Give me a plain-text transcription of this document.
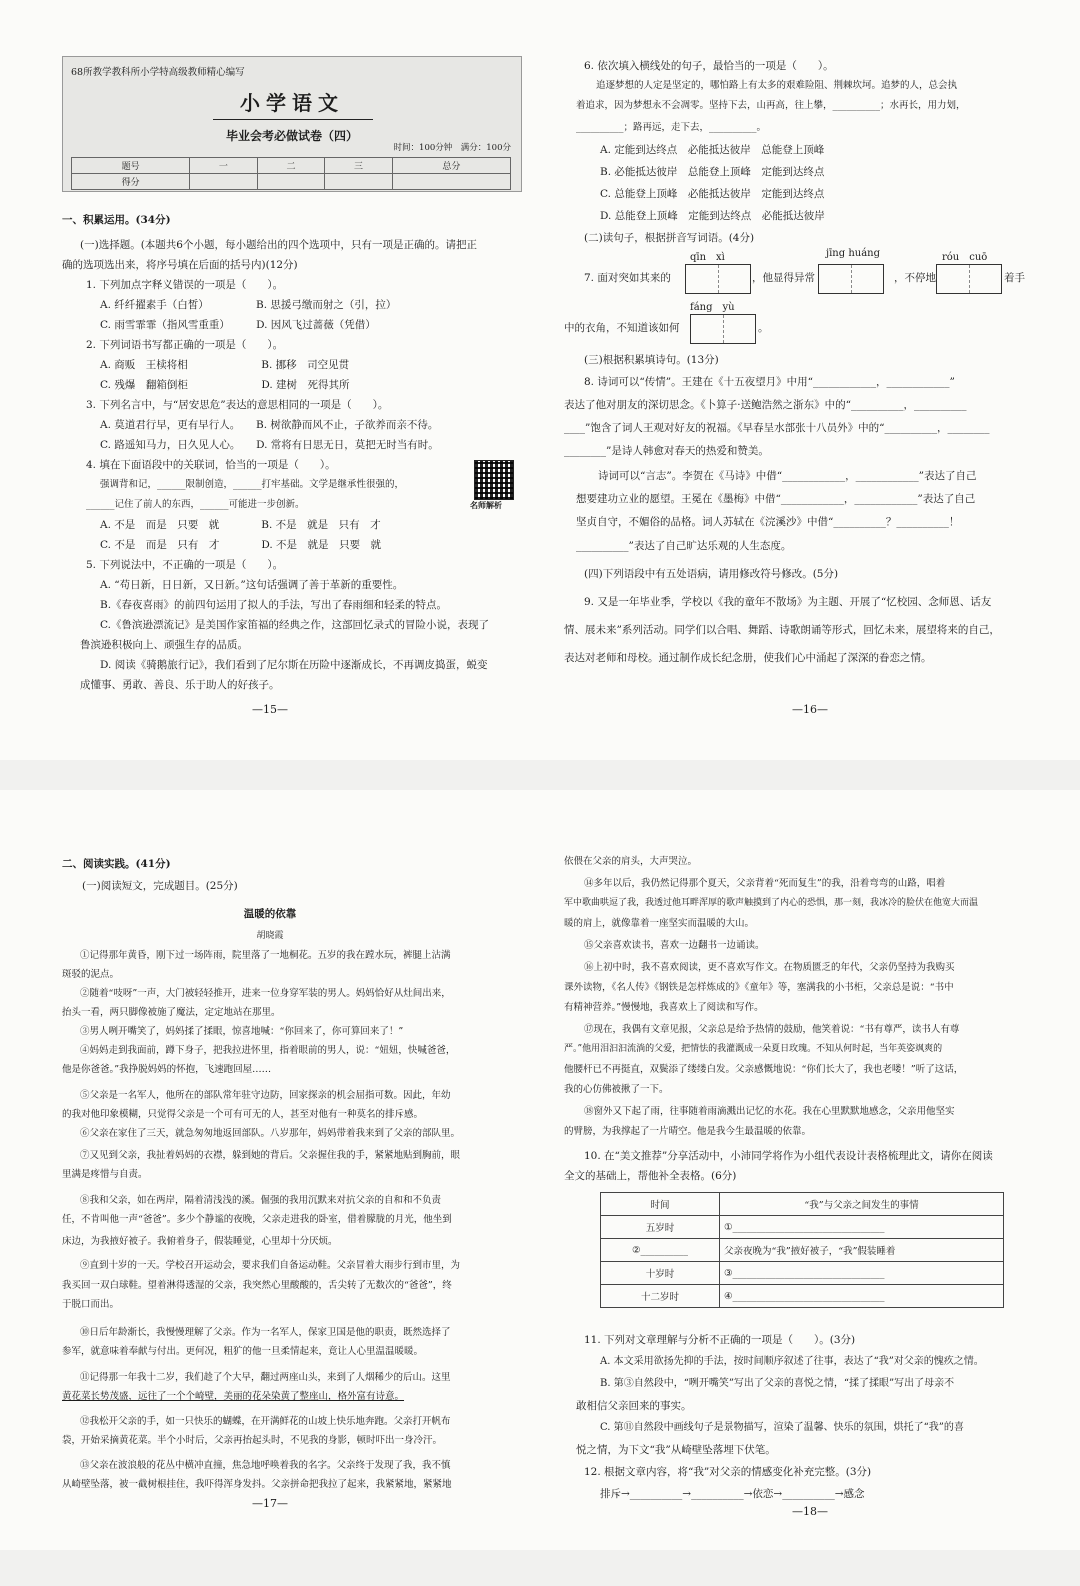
68所教学教科所小学特高级教师精心编写
小学语文
毕业会考必做试卷（四）
时间：100分钟　满分：100分
题号	一	二	三	总分
得分				
一、积累运用。(34分)
(一)选择题。(本题共6个小题，每小题给出的四个选项中，只有一项是正确的。请把正
确的选项选出来，将序号填在后面的括号内)(12分)
1. 下列加点字释义错误的一项是（　　）。
A. 纤纤擢素手（白皙）　　　　　B. 思援弓缴而射之（引，拉）
C. 雨雪霏霏（指风雪重重）　　　D. 因风飞过蔷薇（凭借）
2. 下列词语书写都正确的一项是（　　）。
A. 商贩　王椟将相　　　　　　　B. 挪移　司空见贯
C. 残爆　翻箱倒柜　　　　　　　D. 建树　死得其所
3. 下列名言中，与“居安思危”表达的意思相同的一项是（　　）。
A. 莫道君行早，更有早行人。　　B. 树欲静而风不止，子欲养而亲不待。
C. 路遥知马力，日久见人心。　　D. 常将有日思无日，莫把无时当有时。
4. 填在下面语段中的关联词，恰当的一项是（　　）。
强调背和记，______限制创造，______打牢基础。文学是继承性很强的，
______记住了前人的东西，______可能进一步创新。
A. 不是　而是　只要　就　　　　B. 不是　就是　只有　才
C. 不是　而是　只有　才　　　　D. 不是　就是　只要　就
5. 下列说法中，不正确的一项是（　　）。
A. “苟日新，日日新，又日新。”这句话强调了善于革新的重要性。
B.《春夜喜雨》的前四句运用了拟人的手法，写出了春雨细和轻柔的特点。
C.《鲁滨逊漂流记》是美国作家笛福的经典之作，这部回忆录式的冒险小说，表现了
鲁滨逊积极向上、顽强生存的品质。
D. 阅读《骑鹅旅行记》，我们看到了尼尔斯在历险中逐渐成长，不再调皮捣蛋，蜕变
成懂事、勇敢、善良、乐于助人的好孩子。
名师解析
—15—
6. 依次填入横线处的句子，最恰当的一项是（　　）。
追逐梦想的人定是坚定的，哪怕路上有太多的艰难险阻、荆棘坎坷。追梦的人，总会执
着追求，因为梦想永不会凋零。坚持下去，山再高，往上攀，__________；水再长，用力划，
__________；路再远，走下去，__________。
A. 定能到达终点　必能抵达彼岸　总能登上顶峰
B. 必能抵达彼岸　总能登上顶峰　定能到达终点
C. 总能登上顶峰　必能抵达彼岸　定能到达终点
D. 总能登上顶峰　定能到达终点　必能抵达彼岸
(二)读句子，根据拼音写词语。(4分)
qīn　xì	jīng huáng	róu　cuō
7. 面对突如其来的	，他显得异常	，不停地	着手
fáng　yù
中的衣角，不知道该如何	。
(三)根据积累填诗句。(13分)
8. 诗词可以“传情”。王建在《十五夜望月》中用“____________，____________”
表达了他对朋友的深切思念。《卜算子·送鲍浩然之浙东》中的“__________，__________
____”饱含了词人王观对好友的祝福。《早春呈水部张十八员外》中的“__________，________
________”是诗人韩愈对春天的热爱和赞美。
诗词可以“言志”。李贺在《马诗》中借“____________，____________”表达了自己
想要建功立业的愿望。王冕在《墨梅》中借“____________，____________”表达了自己
坚贞自守，不媚俗的品格。词人苏轼在《浣溪沙》中借“__________？__________！
__________”表达了自己旷达乐观的人生态度。
(四)下列语段中有五处语病，请用修改符号修改。(5分)
9. 又是一年毕业季，学校以《我的童年不散场》为主题、开展了“忆校园、念师恩、话友
情、展未来”系列活动。同学们以合唱、舞蹈、诗歌朗诵等形式，回忆未来，展望将来的自己，
表达对老师和母校。通过制作成长纪念册，使我们心中涌起了深深的眷恋之情。
—16—
二、阅读实践。(41分)
(一)阅读短文，完成题目。(25分)
温暖的依靠
胡晓霞
①记得那年黄昏，刚下过一场阵雨，院里落了一地桐花。五岁的我在蹚水玩，裤腿上沾满
斑驳的泥点。
②随着“吱呀”一声，大门被轻轻推开，进来一位身穿军装的男人。妈妈恰好从灶间出来，
抬头一看，两只脚像被施了魔法，定定地站在那里。
③男人咧开嘴笑了，妈妈揉了揉眼，惊喜地喊：“你回来了，你可算回来了！”
④妈妈走到我面前，蹲下身子，把我拉进怀里，指着眼前的男人，说：“妞妞，快喊爸爸，
他是你爸爸。”我挣脱妈妈的怀抱，飞速跑回屋……
⑤父亲是一名军人，他所在的部队常年驻守边防，回家探亲的机会屈指可数。因此，年幼
的我对他印象模糊，只觉得父亲是一个可有可无的人，甚至对他有一种莫名的排斥感。
⑥父亲在家住了三天，就急匆匆地返回部队。八岁那年，妈妈带着我来到了父亲的部队里。
⑦又见到父亲，我扯着妈妈的衣襟，躲到她的背后。父亲握住我的手，紧紧地贴到胸前，眼
里满是疼惜与自责。
⑧我和父亲，如在两岸，隔着清浅浅的溪。倔强的我用沉默来对抗父亲的自和和不负责
任，不肯叫他一声“爸爸”。多少个静谧的夜晚，父亲走进我的卧室，借着朦胧的月光，他坐到
床边，为我掖好被子。我俯着身子，假装睡觉，心里却十分厌烦。
⑨直到十岁的一天。学校召开运动会，要求我们自备运动鞋。父亲冒着大雨步行到市里，为
我买回一双白球鞋。望着淋得透湿的父亲，我突然心里酸酸的，舌尖转了无数次的“爸爸”，终
于脱口而出。
⑩日后年龄渐长，我慢慢理解了父亲。作为一名军人，保家卫国是他的职责，既然选择了
参军，就意味着奉献与付出。更何况，粗犷的他一旦柔情起来，竟让人心里温温暖暖。
⑪记得那一年我十二岁，我们趁了个大早，翻过两座山头，来到了人烟稀少的后山。这里
黄花菜长势茂盛，远往了一个个崎壁，美丽的花朵染黄了整座山，格外富有诗意。
⑫我松开父亲的手，如一只快乐的蝴蝶，在开满鲜花的山坡上快乐地奔跑。父亲打开帆布
袋，开始采摘黄花菜。半个小时后，父亲再抬起头时，不见我的身影，顿时吓出一身冷汗。
⑬父亲在波浪般的花丛中横冲直撞，焦急地呼唤着我的名字。父亲终于发现了我，我不慎
从崎壁坠落，被一截树根挂住，我吓得浑身发抖。父亲拼命把我拉了起来，我紧紧地，紧紧地
—17—
依偎在父亲的肩头，大声哭泣。
⑭多年以后，我仍然记得那个夏天，父亲背着“死而复生”的我，沿着弯弯的山路，唱着
军中歌曲哄逗了我，我透过他耳畔浑厚的歌声触摸到了内心的恐惧，那一刻，我冰冷的脸伏在他宽大而温
暖的肩上，就像靠着一座坚实而温暖的大山。
⑮父亲喜欢读书，喜欢一边翻书一边诵读。
⑯上初中时，我不喜欢阅读，更不喜欢写作文。在物质匮乏的年代，父亲仍坚持为我购买
课外读物，《名人传》《钢铁是怎样炼成的》《童年》等，塞满我的小书柜，父亲总是说：“书中
有精神营养。”慢慢地，我喜欢上了阅读和写作。
⑰现在，我偶有文章见报，父亲总是给予热情的鼓励，他笑着说：“书有尊严，读书人有尊
严。”他用泪汩汩流淌的父爱，把情怯的我灌溉成一朵夏日玫瑰。不知从何时起，当年英姿飒爽的
他腰杆已不再挺直，双鬓添了缕缕白发。父亲感慨地说：“你们长大了，我也老喽！”听了这话，
我的心仿佛被揪了一下。
⑱窗外又下起了雨，往事随着雨滴溅出记忆的水花。我在心里默默地感念，父亲用他坚实
的臂膀，为我撑起了一片晴空。他是我今生最温暖的依靠。
10. 在“美文推荐”分享活动中，小沛同学将作为小组代表设计表格梳理此文，请你在阅读
全文的基础上，帮他补全表格。(6分)
时间	“我”与父亲之间发生的事情
五岁时	①________________________________
②__________	父亲夜晚为“我”掖好被子，“我”假装睡着
十岁时	③________________________________
十二岁时	④________________________________
11. 下列对文章理解与分析不正确的一项是（　　）。(3分)
A. 本文采用欲扬先抑的手法，按时间顺序叙述了往事，表达了“我”对父亲的愧疚之情。
B. 第③自然段中，“咧开嘴笑”写出了父亲的喜悦之情，“揉了揉眼”写出了母亲不
敢相信父亲回来的事实。
C. 第⑪自然段中画线句子是景物描写，渲染了温馨、快乐的氛围，烘托了“我”的喜
悦之情，为下文“我”从崎壁坠落埋下伏笔。
12. 根据文章内容，将“我”对父亲的情感变化补充完整。(3分)
排斥→__________→__________→依恋→__________→感念
—18—
